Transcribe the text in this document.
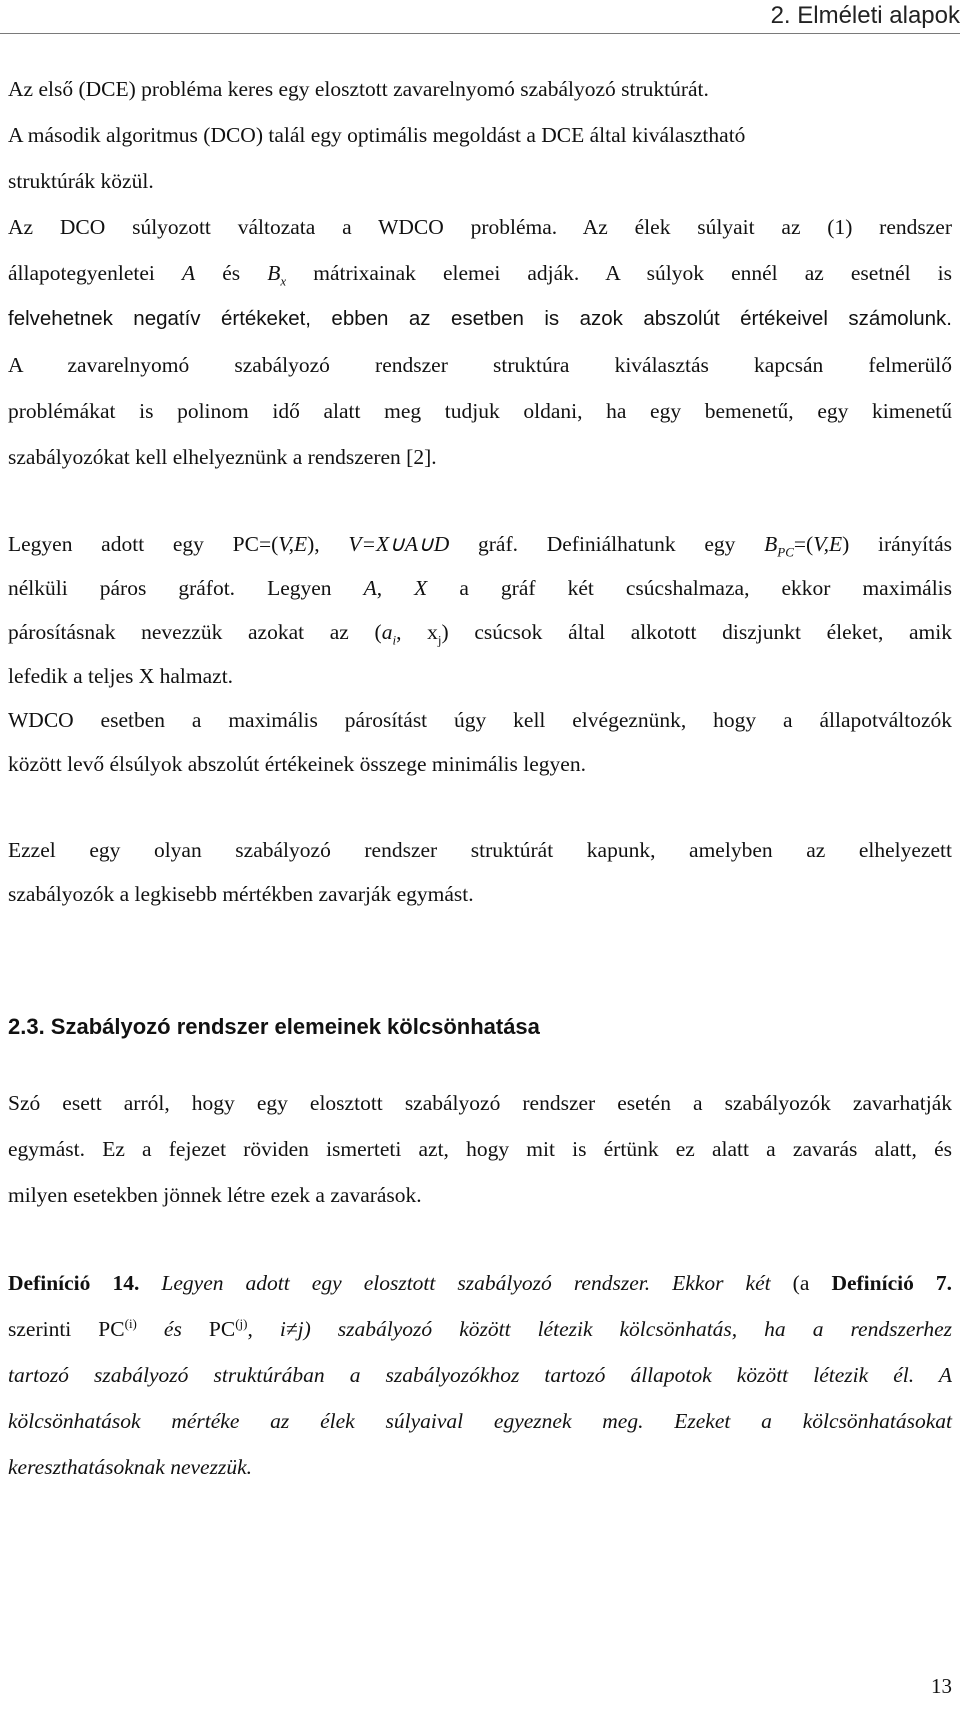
2. Elméleti alapok
Az első (DCE) probléma keres egy elosztott zavarelnyomó szabályozó struktúrát.
A második algoritmus (DCO) talál egy optimális megoldást a DCE által kiválasztható
struktúrák közül.
Az DCO súlyozott változata a WDCO probléma. Az élek súlyait az (1) rendszer
állapotegyenletei A és $B_x$ mátrixainak elemei adják. A súlyok ennél az esetnél is
felvehetnek negatív értékeket, ebben az esetben is azok abszolút értékeivel számolunk.
A zavarelnyomó szabályozó rendszer struktúra kiválasztás kapcsán felmerülő
problémákat is polinom idő alatt meg tudjuk oldani, ha egy bemenetű, egy kimenetű
szabályozókat kell elhelyeznünk a rendszeren [2].
Legyen adott egy PC=(V,E), V=X∪A∪D gráf. Definiálhatunk egy $B_{PC}=(V,E)$ irányítás
nélküli páros gráfot. Legyen A, X a gráf két csúcshalmaza, ekkor maximális
párosításnak nevezzük azokat az ($a_i$, $x_j$) csúcsok által alkotott diszjunkt éleket, amik
lefedik a teljes X halmazt.
WDCO esetben a maximális párosítást úgy kell elvégeznünk, hogy a állapotváltozók
között levő élsúlyok abszolút értékeinek összege minimális legyen.
Ezzel egy olyan szabályozó rendszer struktúrát kapunk, amelyben az elhelyezett
szabályozók a legkisebb mértékben zavarják egymást.
2.3. Szabályozó rendszer elemeinek kölcsönhatása
Szó esett arról, hogy egy elosztott szabályozó rendszer esetén a szabályozók zavarhatják
egymást. Ez a fejezet röviden ismerteti azt, hogy mit is értünk ez alatt a zavarás alatt, és
milyen esetekben jönnek létre ezek a zavarások.
Definíció 14. Legyen adott egy elosztott szabályozó rendszer. Ekkor két (a Definíció 7.
szerinti PC$^{(i)}$ és PC$^{(j)}$, i≠j) szabályozó között létezik kölcsönhatás, ha a rendszerhez
tartozó szabályozó struktúrában a szabályozókhoz tartozó állapotok között létezik él. A
kölcsönhatások mértéke az élek súlyaival egyeznek meg. Ezeket a kölcsönhatásokat
kereszthatásoknak nevezzük.
13
